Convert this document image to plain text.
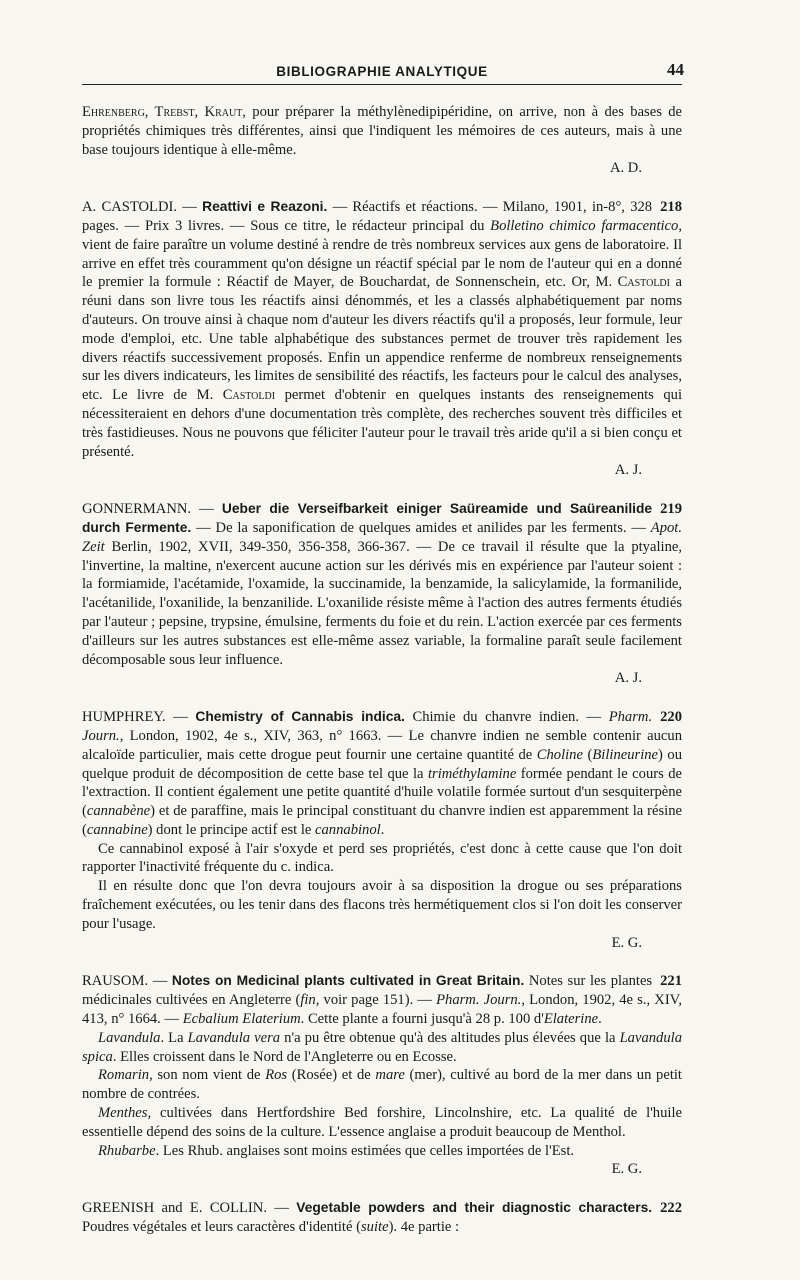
BIBLIOGRAPHIE ANALYTIQUE	44

Ehrenberg, Trebst, Kraut, pour préparer la méthylènedipipéridine, on arrive, non à des bases de propriétés chimiques très différentes, ainsi que l'indiquent les mémoires de ces auteurs, mais à une base toujours identique à elle-même.

A. D.

218
A. CASTOLDI. — Reattivi e Reazoni. — Réactifs et réactions. — Milano, 1901, in-8°, 328 pages. — Prix 3 livres. — Sous ce titre, le rédacteur principal du Bolletino chimico farmacentico, vient de faire paraître un volume destiné à rendre de très nombreux services aux gens de laboratoire. Il arrive en effet très couramment qu'on désigne un réactif spécial par le nom de l'auteur qui en a donné le premier la formule : Réactif de Mayer, de Bouchardat, de Sonnenschein, etc. Or, M. Castoldi a réuni dans son livre tous les réactifs ainsi dénommés, et les a classés alphabétiquement par noms d'auteurs. On trouve ainsi à chaque nom d'auteur les divers réactifs qu'il a proposés, leur formule, leur mode d'emploi, etc. Une table alphabétique des substances permet de trouver très rapidement les divers réactifs successivement proposés. Enfin un appendice renferme de nombreux renseignements sur les divers indicateurs, les limites de sensibilité des réactifs, les facteurs pour le calcul des analyses, etc. Le livre de M. Castoldi permet d'obtenir en quelques instants des renseignements qui nécessiteraient en dehors d'une documentation très complète, des recherches souvent très difficiles et très fastidieuses. Nous ne pouvons que féliciter l'auteur pour le travail très aride qu'il a si bien conçu et présenté.

A. J.

219
GONNERMANN. — Ueber die Verseifbarkeit einiger Saüreamide und Saüreanilide durch Fermente. — De la saponification de quelques amides et anilides par les ferments. — Apot. Zeit Berlin, 1902, XVII, 349-350, 356-358, 366-367. — De ce travail il résulte que la ptyaline, l'invertine, la maltine, n'exercent aucune action sur les dérivés mis en expérience par l'auteur soient : la formiamide, l'acétamide, l'oxamide, la succinamide, la benzamide, la salicylamide, la formanilide, l'acétanilide, l'oxanilide, la benzanilide. L'oxanilide résiste même à l'action des autres ferments étudiés par l'auteur ; pepsine, trypsine, émulsine, ferments du foie et du rein. L'action exercée par ces ferments d'ailleurs sur les autres substances est elle-même assez variable, la formaline paraît seule facilement décomposable sous leur influence.

A. J.

220
HUMPHREY. — Chemistry of Cannabis indica. Chimie du chanvre indien. — Pharm. Journ., London, 1902, 4e s., XIV, 363, n° 1663. — Le chanvre indien ne semble contenir aucun alcaloïde particulier, mais cette drogue peut fournir une certaine quantité de Choline (Bilineurine) ou quelque produit de décomposition de cette base tel que la triméthylamine formée pendant le cours de l'extraction. Il contient également une petite quantité d'huile volatile formée surtout d'un sesquiterpène (cannabène) et de paraffine, mais le principal constituant du chanvre indien est apparemment la résine (cannabine) dont le principe actif est le cannabinol.

Ce cannabinol exposé à l'air s'oxyde et perd ses propriétés, c'est donc à cette cause que l'on doit rapporter l'inactivité fréquente du c. indica.

Il en résulte donc que l'on devra toujours avoir à sa disposition la drogue ou ses préparations fraîchement exécutées, ou les tenir dans des flacons très hermétiquement clos si l'on doit les conserver pour l'usage.

E. G.

221
RAUSOM. — Notes on Medicinal plants cultivated in Great Britain. Notes sur les plantes médicinales cultivées en Angleterre (fin, voir page 151). — Pharm. Journ., London, 1902, 4e s., XIV, 413, n° 1664. — Ecbalium Elaterium. Cette plante a fourni jusqu'à 28 p. 100 d'Elaterine.

Lavandula. La Lavandula vera n'a pu être obtenue qu'à des altitudes plus élevées que la Lavandula spica. Elles croissent dans le Nord de l'Angleterre ou en Ecosse.

Romarin, son nom vient de Ros (Rosée) et de mare (mer), cultivé au bord de la mer dans un petit nombre de contrées.

Menthes, cultivées dans Hertfordshire Bed forshire, Lincolnshire, etc. La qualité de l'huile essentielle dépend des soins de la culture. L'essence anglaise a produit beaucoup de Menthol.

Rhubarbe. Les Rhub. anglaises sont moins estimées que celles importées de l'Est.

E. G.

222
GREENISH and E. COLLIN. — Vegetable powders and their diagnostic characters. Poudres végétales et leurs caractères d'identité (suite). 4e partie :
